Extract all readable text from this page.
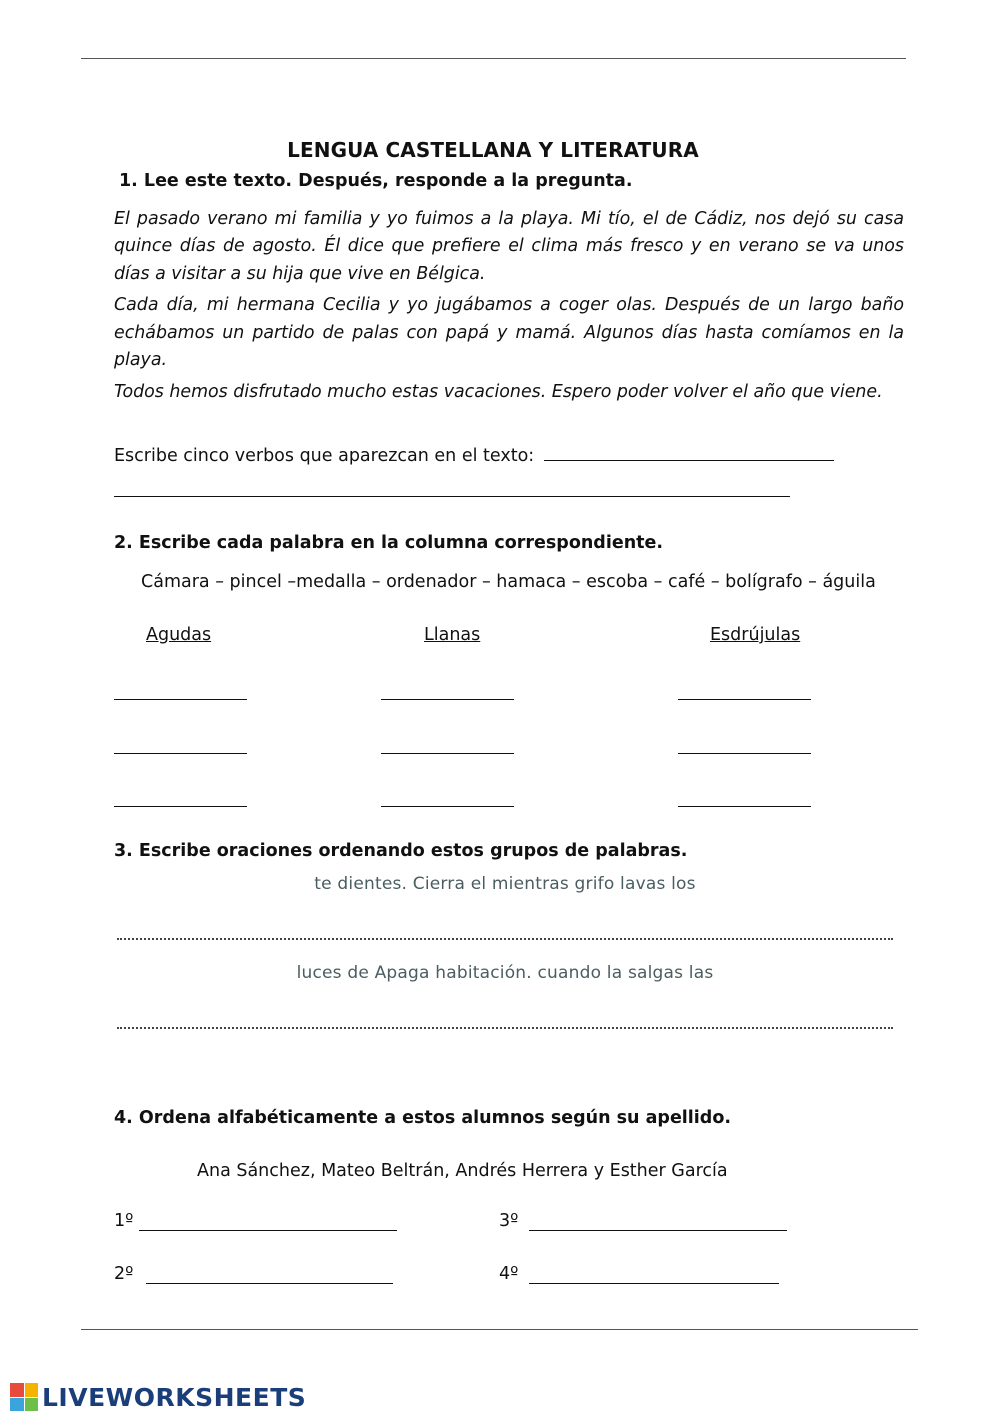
LENGUA CASTELLANA Y LITERATURA
1. Lee este texto. Después, responde a la pregunta.

El pasado verano mi familia y yo fuimos a la playa. Mi tío, el de Cádiz, nos dejó su casa quince días de agosto. Él dice que prefiere el clima más fresco y en verano se va unos días a visitar a su hija que vive en Bélgica.

Cada día, mi hermana Cecilia y yo jugábamos a coger olas. Después de un largo baño echábamos un partido de palas con papá y mamá. Algunos días hasta comíamos en la playa.

Todos hemos disfrutado mucho estas vacaciones. Espero poder volver el año que viene.

Escribe cinco verbos que aparezcan en el texto:
2. Escribe cada palabra en la columna correspondiente.
Cámara – pincel –medalla – ordenador – hamaca – escoba – café – bolígrafo – águila
Agudas	Llanas	Esdrújulas
3. Escribe oraciones ordenando estos grupos de palabras.
te dientes. Cierra el mientras grifo lavas los
luces de Apaga habitación. cuando la salgas las
4. Ordena alfabéticamente a estos alumnos según su apellido.
Ana Sánchez, Mateo Beltrán, Andrés Herrera y Esther García
1º	3º
2º	4º
LIVEWORKSHEETS
